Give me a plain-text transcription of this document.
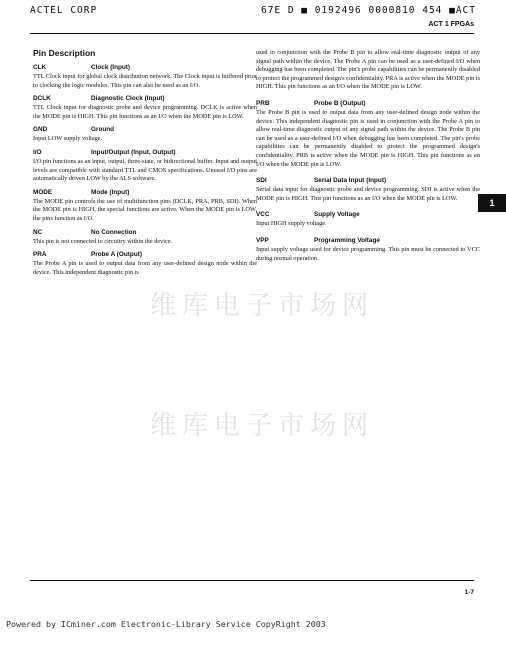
ACTEL CORP	67E D ■ 0192496 0000810 454 ■ACT
ACT 1 FPGAs
Pin Description
CLK	Clock (Input)

TTL Clock input for global clock distribution network. The Clock input is buffered prior to clocking the logic modules. This pin can also be used as an I/O.

DCLK	Diagnostic Clock (Input)

TTL Clock input for diagnostic probe and device programming. DCLK is active when the MODE pin is HIGH. This pin functions as an I/O when the MODE pin is LOW.

GND	Ground

Input LOW supply voltage.

I/O	Input/Output (Input, Output)

I/O pin functions as an input, output, three-state, or bidirectional buffer. Input and output levels are compatible with standard TTL and CMOS specifications. Unused I/O pins are automatically driven LOW by the ALS software.

MODE	Mode (Input)

The MODE pin controls the use of multifunction pins (DCLK, PRA, PRB, SDI). When the MODE pin is HIGH, the special functions are active. When the MODE pin is LOW, the pins function as I/O.

NC	No Connection

This pin is not connected to circuitry within the device.

PRA	Probe A (Output)

The Probe A pin is used to output data from any user-defined design node within the device. This independent diagnostic pin is

used in conjunction with the Probe B pin to allow real-time diagnostic output of any signal path within the device. The Probe A pin can be used as a user-defined I/O when debugging has been completed. The pin's probe capabilities can be permanently disabled to protect the programmed design's confidentiality. PRA is active when the MODE pin is HIGH. This pin functions as an I/O when the MODE pin is LOW.

PRB	Probe B (Output)

The Probe B pin is used to output data from any user-defined design node within the device. This independent diagnostic pin is used in conjunction with the Probe A pin to allow real-time diagnostic output of any signal path within the device. The Probe B pin can be used as a user-defined I/O when debugging has been completed. The pin's probe capabilities can be permanently disabled to protect the programmed design's confidentiality. PRB is active when the MODE pin is HIGH. This pin functions as an I/O when the MODE pin is LOW.

SDI	Serial Data Input (Input)

Serial data input for diagnostic probe and device programming. SDI is active when the MODE pin is HIGH. This pin functions as an I/O when the MODE pin is LOW.

VCC	Supply Voltage

Input HIGH supply voltage.

VPP	Programming Voltage

Input supply voltage used for device programming. This pin must be connected to VCC during normal operation.

维库电子市场网
维库电子市场网
1
1-7
Powered by ICminer.com Electronic-Library Service CopyRight 2003
